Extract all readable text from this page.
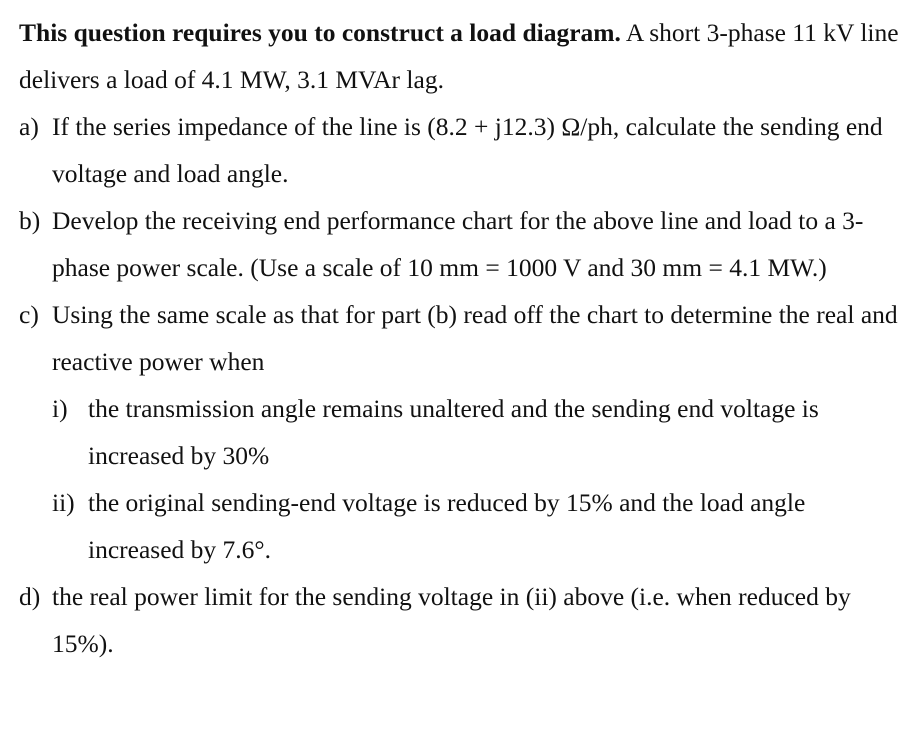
This question requires you to construct a load diagram. A short 3-phase 11 kV line delivers a load of 4.1 MW, 3.1 MVAr lag.
a) If the series impedance of the line is (8.2 + j12.3) Ω/ph, calculate the sending end voltage and load angle.
b) Develop the receiving end performance chart for the above line and load to a 3-phase power scale. (Use a scale of 10 mm = 1000 V and 30 mm = 4.1 MW.)
c) Using the same scale as that for part (b) read off the chart to determine the real and reactive power when
i) the transmission angle remains unaltered and the sending end voltage is increased by 30%
ii) the original sending-end voltage is reduced by 15% and the load angle increased by 7.6°.
d) the real power limit for the sending voltage in (ii) above (i.e. when reduced by 15%).
